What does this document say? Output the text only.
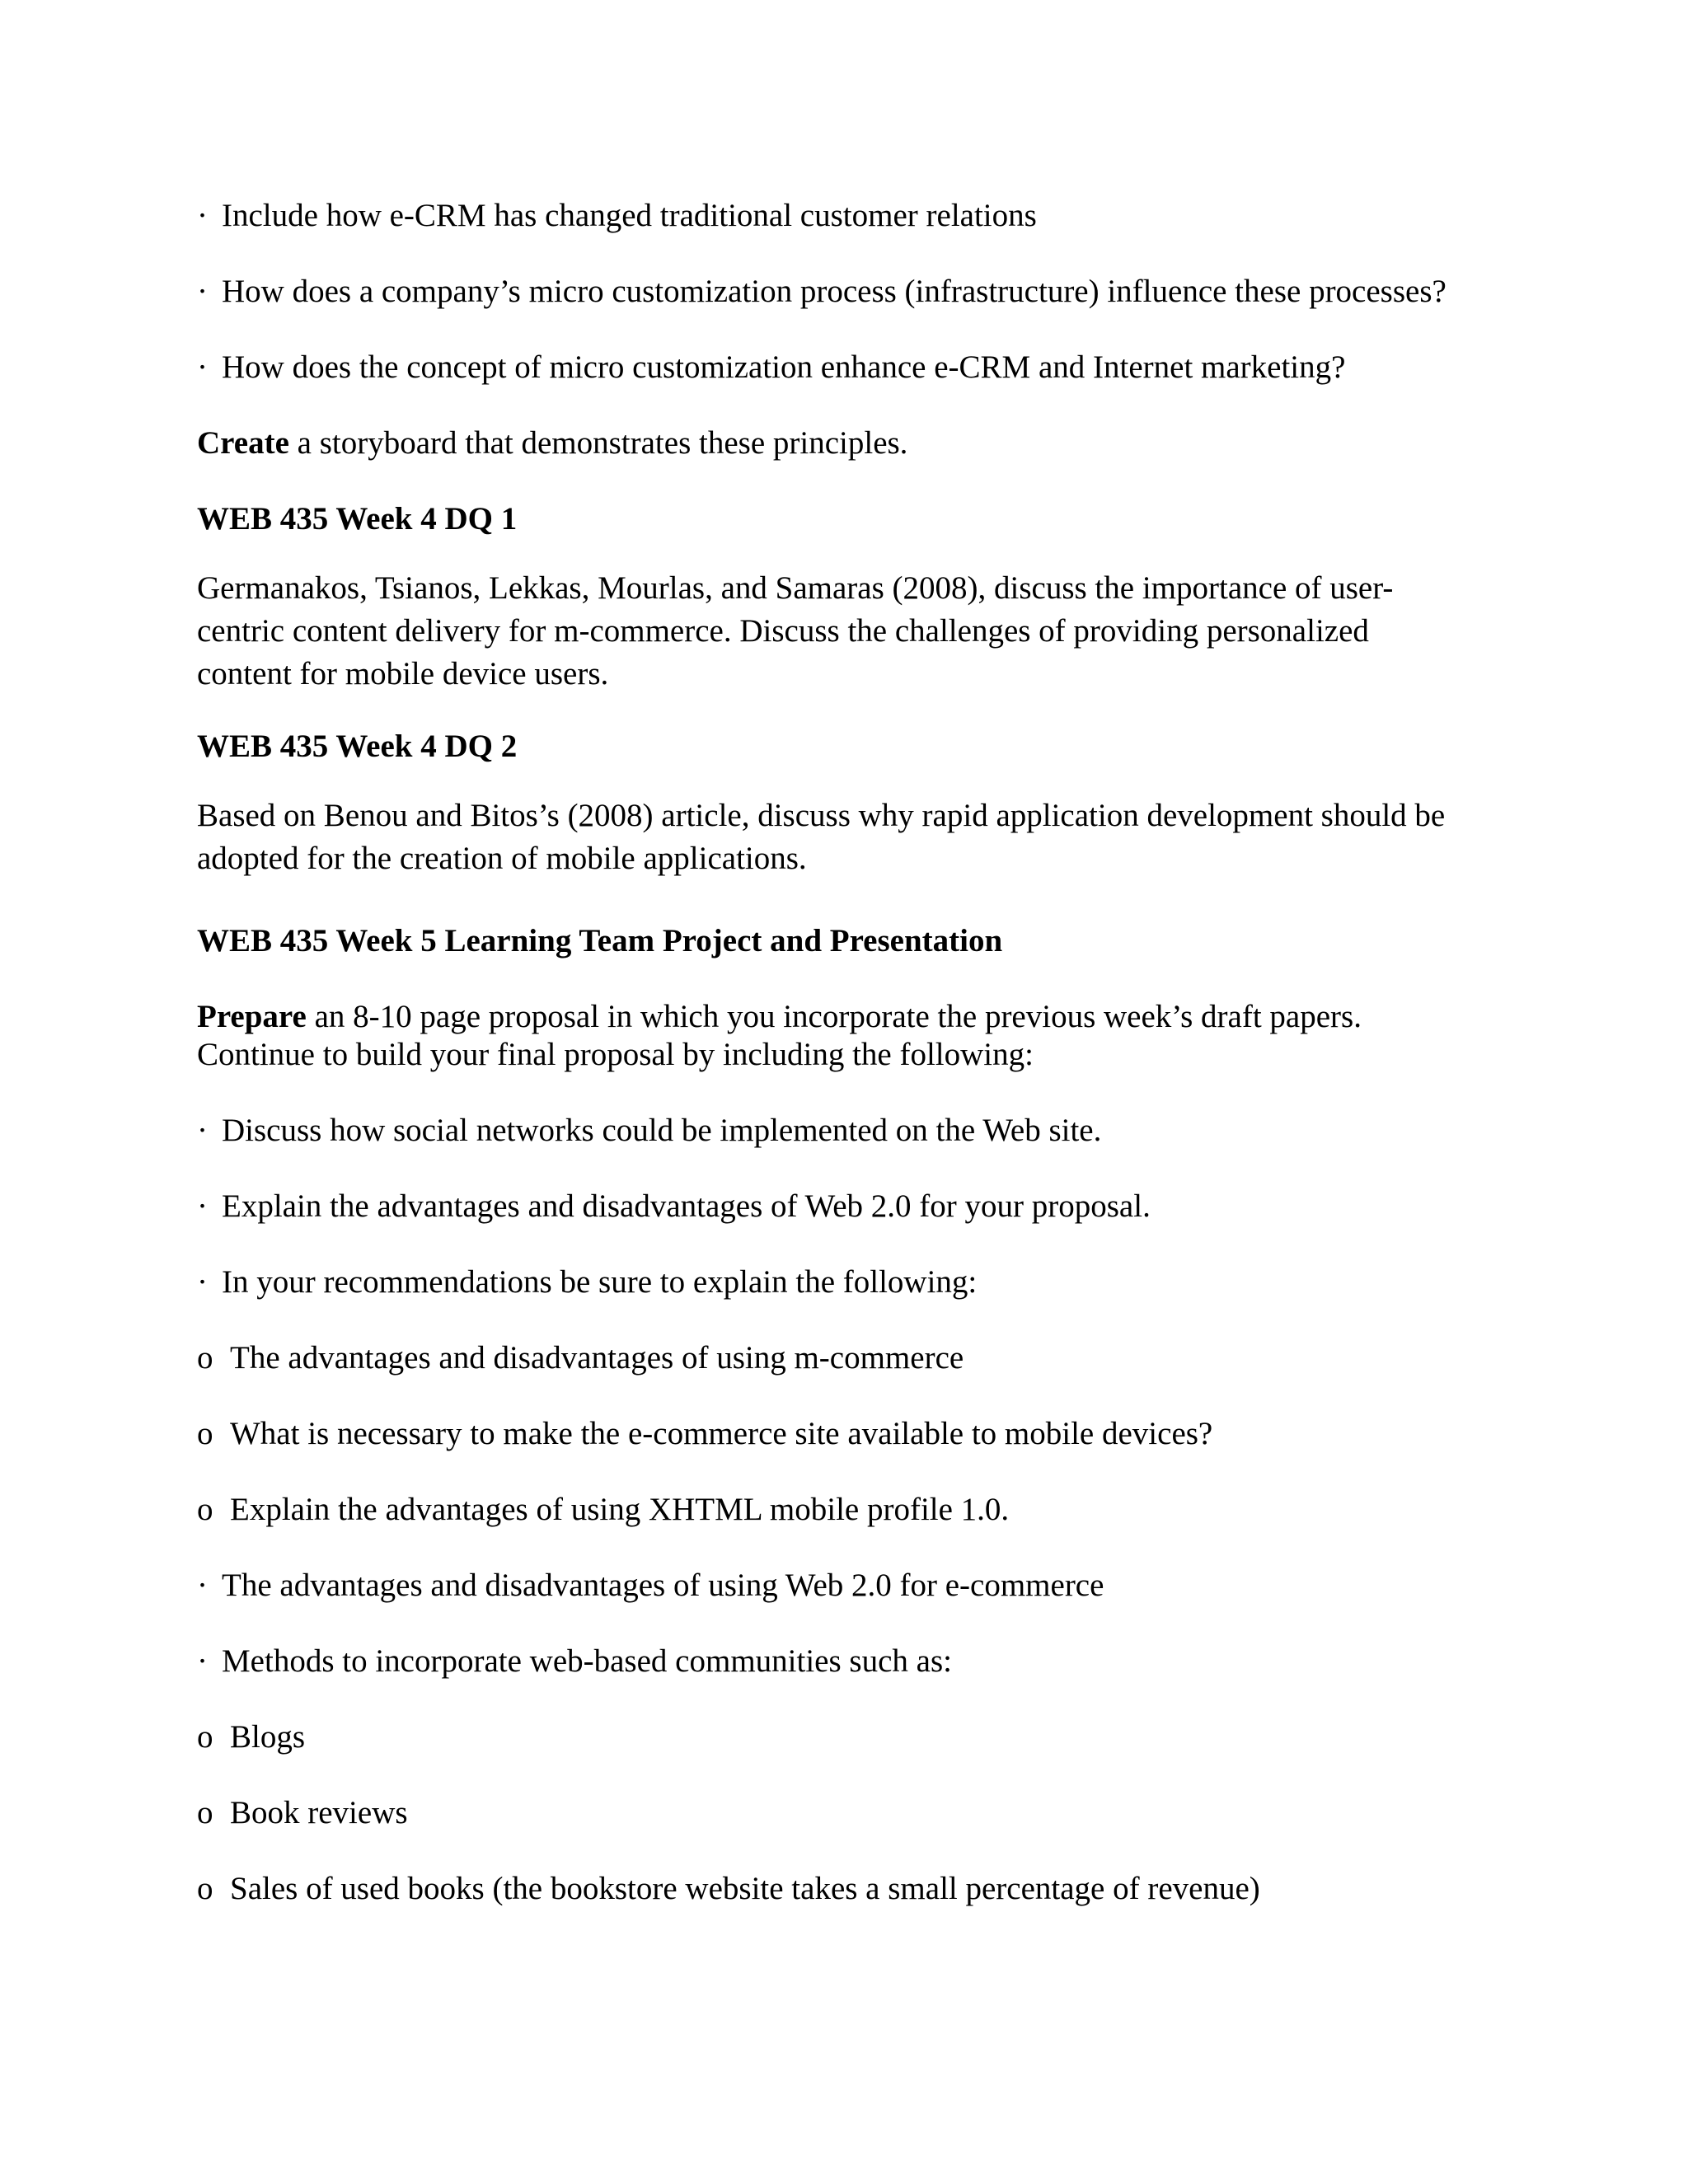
· Include how e-CRM has changed traditional customer relations
· How does a company’s micro customization process (infrastructure) influence these processes?
· How does the concept of micro customization enhance e-CRM and Internet marketing?
Create a storyboard that demonstrates these principles.
WEB 435 Week 4 DQ 1
Germanakos, Tsianos, Lekkas, Mourlas, and Samaras (2008), discuss the importance of user-
centric content delivery for m-commerce. Discuss the challenges of providing personalized
content for mobile device users.
WEB 435 Week 4 DQ 2
Based on Benou and Bitos’s (2008) article, discuss why rapid application development should be
adopted for the creation of mobile applications.
WEB 435 Week 5 Learning Team Project and Presentation
Prepare an 8-10 page proposal in which you incorporate the previous week’s draft papers.
Continue to build your final proposal by including the following:
· Discuss how social networks could be implemented on the Web site.
· Explain the advantages and disadvantages of Web 2.0 for your proposal.
· In your recommendations be sure to explain the following:
o The advantages and disadvantages of using m-commerce
o What is necessary to make the e-commerce site available to mobile devices?
o Explain the advantages of using XHTML mobile profile 1.0.
· The advantages and disadvantages of using Web 2.0 for e-commerce
· Methods to incorporate web-based communities such as:
o Blogs
o Book reviews
o Sales of used books (the bookstore website takes a small percentage of revenue)
